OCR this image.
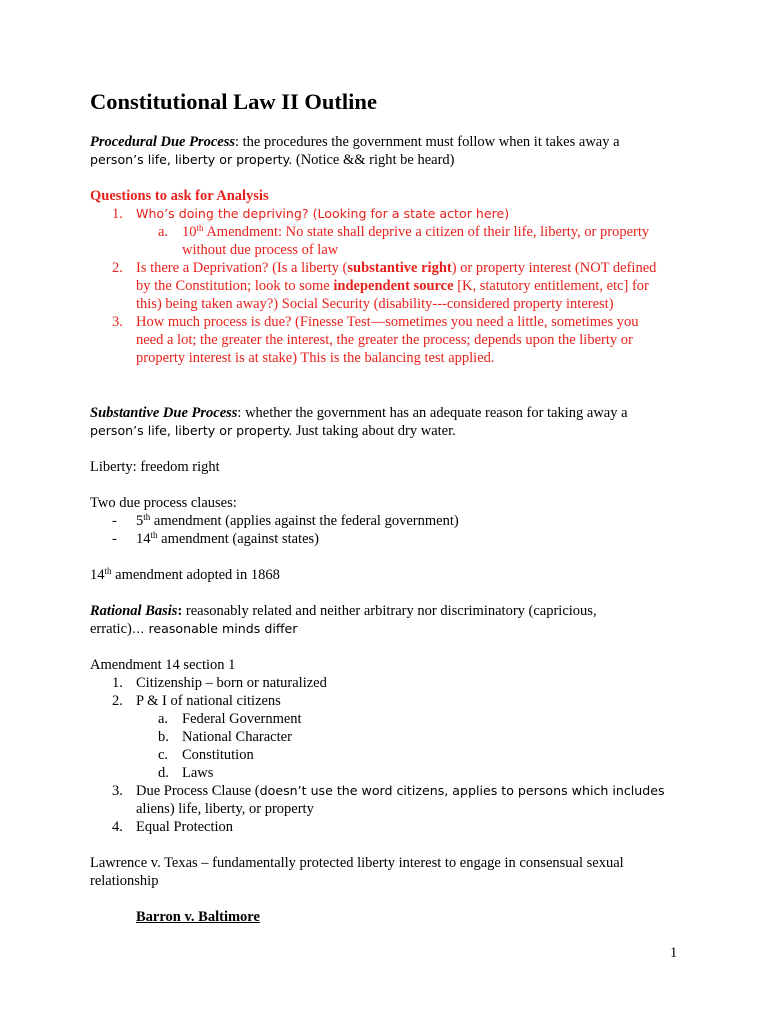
Constitutional Law II Outline

Procedural Due Process: the procedures the government must follow when it takes away a

person’s life, liberty or property. (Notice && right be heard)

Questions to ask for Analysis

1. Who’s doing the depriving? (Looking for a state actor here)
a. 10th Amendment: No state shall deprive a citizen of their life, liberty, or property

without due process of law

2. Is there a Deprivation? (Is a liberty (substantive right) or property interest (NOT defined

by the Constitution; look to some independent source [K, statutory entitlement, etc] for

this) being taken away?) Social Security (disability---considered property interest)

3. How much process is due? (Finesse Test—sometimes you need a little, sometimes you

need a lot; the greater the interest, the greater the process; depends upon the liberty or

property interest is at stake) This is the balancing test applied.

Substantive Due Process: whether the government has an adequate reason for taking away a

person’s life, liberty or property. Just taking about dry water.

Liberty: freedom right

Two due process clauses:

- 5th amendment (applies against the federal government)
- 14th amendment (against states)

14th amendment adopted in 1868

Rational Basis: reasonably related and neither arbitrary nor discriminatory (capricious,

erratic)… reasonable minds differ

Amendment 14 section 1

1. Citizenship – born or naturalized
2. P & I of national citizens
a. Federal Government
b. National Character
c. Constitution
d. Laws
3. Due Process Clause (doesn’t use the word citizens, applies to persons which includes

aliens) life, liberty, or property

4. Equal Protection

Lawrence v. Texas – fundamentally protected liberty interest to engage in consensual sexual

relationship

Barron v. Baltimore

1
